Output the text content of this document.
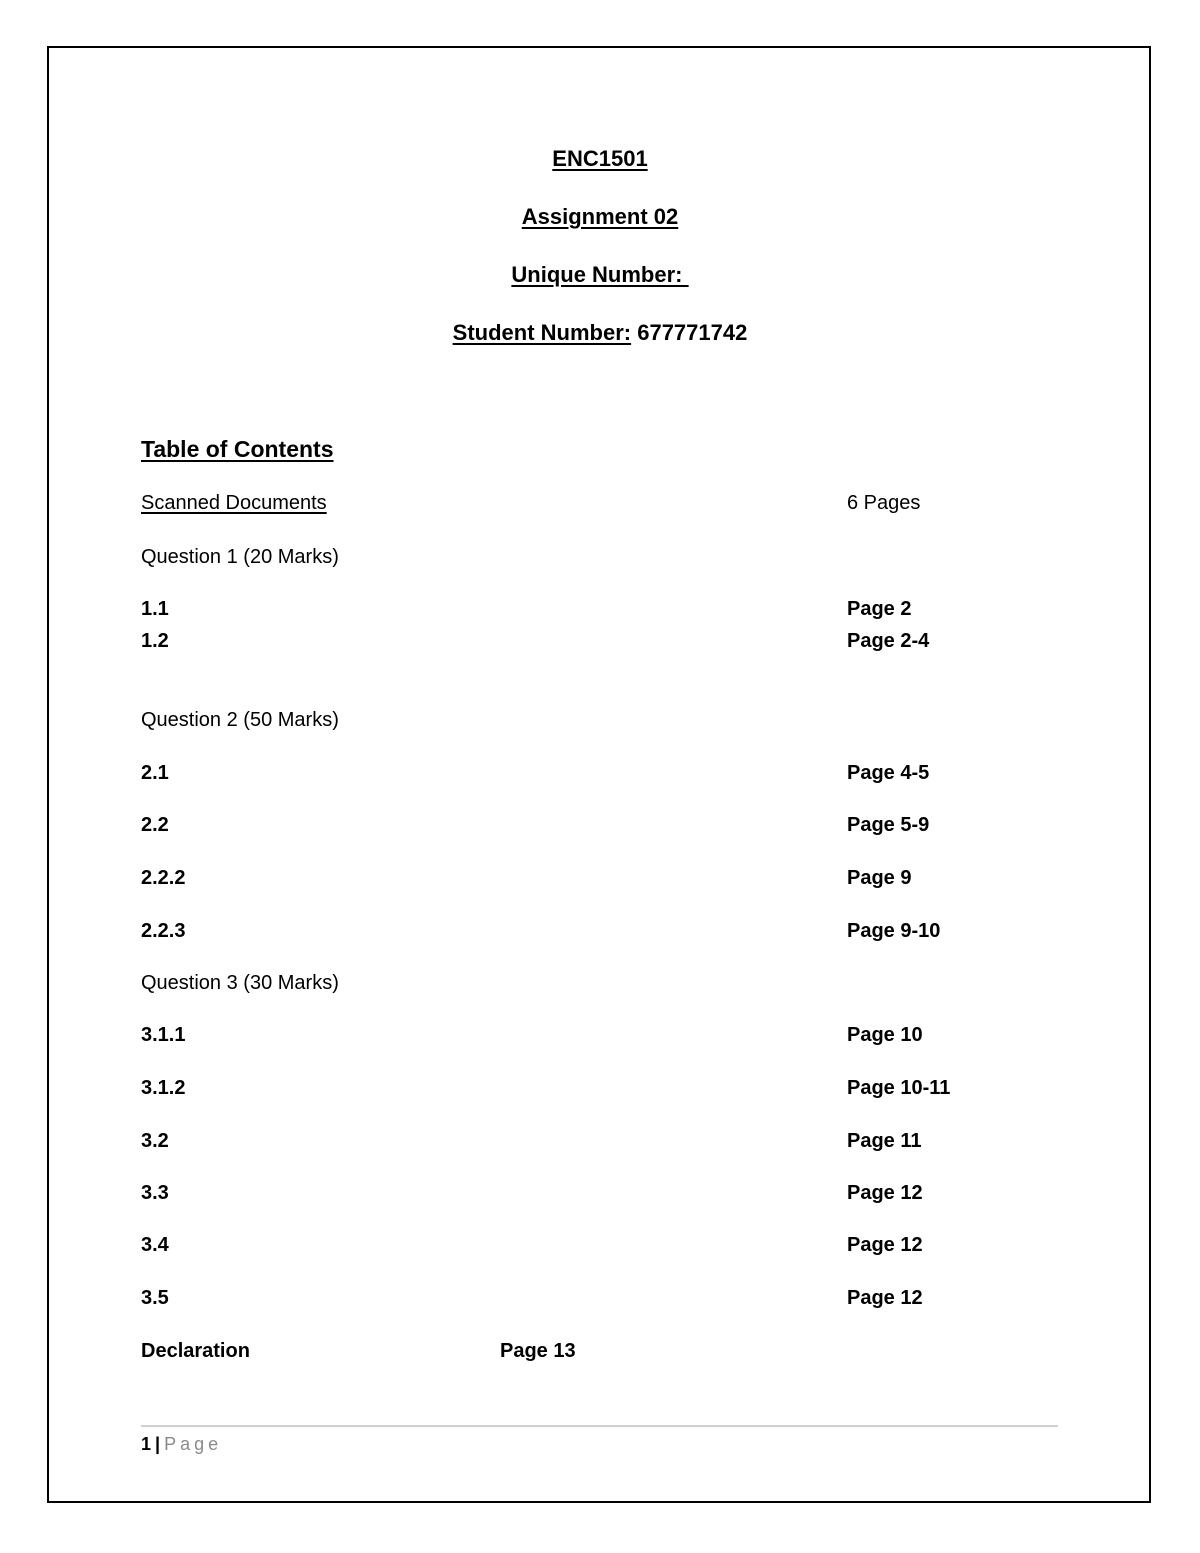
ENC1501
Assignment 02
Unique Number:
Student Number: 677771742
Table of Contents
Scanned Documents	6 Pages
Question 1 (20 Marks)
1.1	Page 2
1.2	Page 2-4
Question 2 (50 Marks)
2.1	Page 4-5
2.2	Page 5-9
2.2.2	Page 9
2.2.3	Page 9-10
Question 3 (30 Marks)
3.1.1	Page 10
3.1.2	Page 10-11
3.2	Page 11
3.3	Page 12
3.4	Page 12
3.5	Page 12
Declaration	Page 13
1 | Page
